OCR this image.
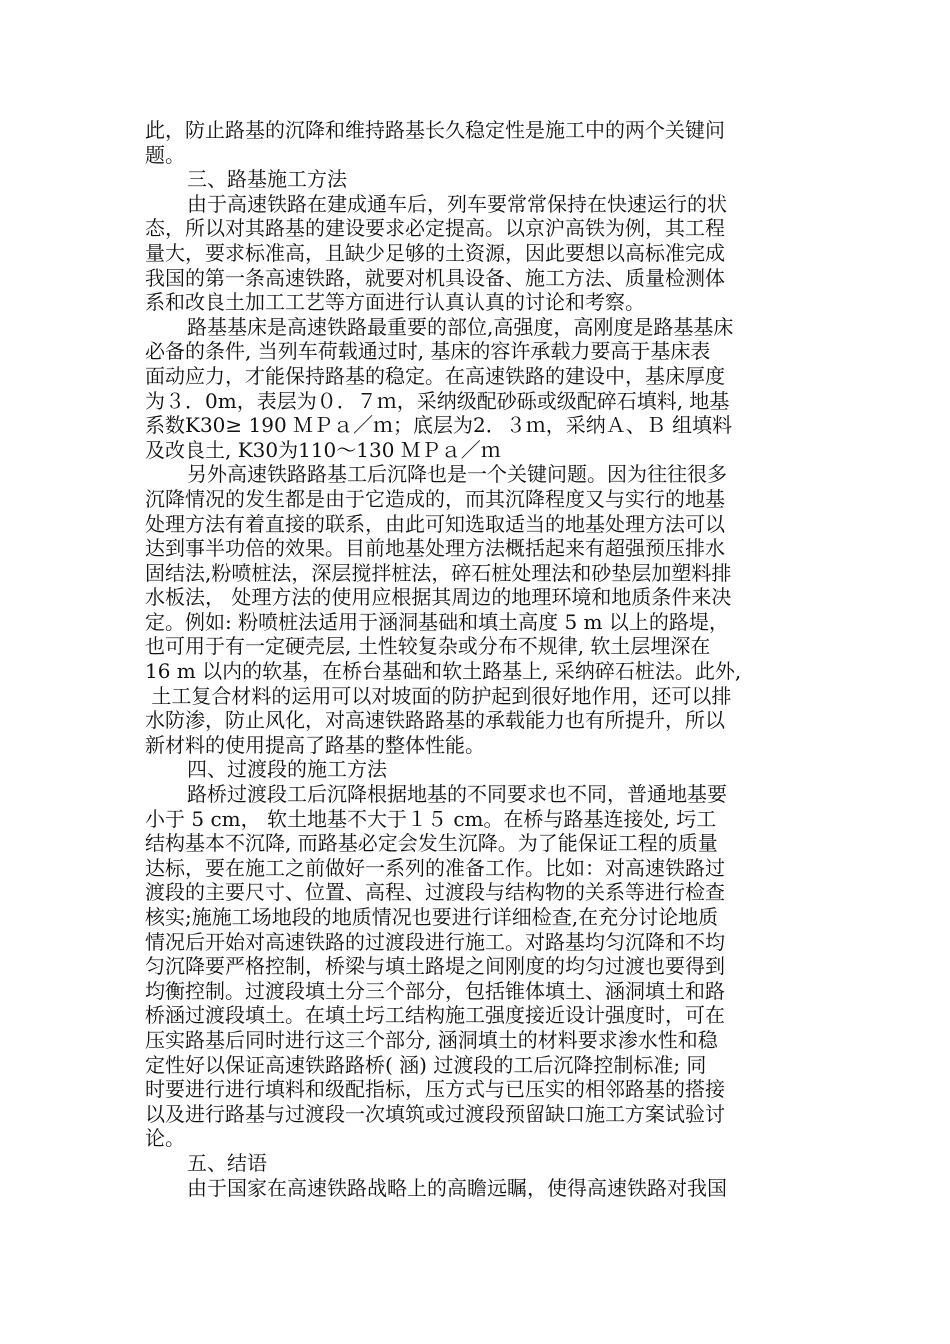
此，防止路基的沉降和维持路基长久稳定性是施工中的两个关键问
题。
三、路基施工方法
由于高速铁路在建成通车后，列车要常常保持在快速运行的状
态，所以对其路基的建设要求必定提高。以京沪高铁为例，其工程
量大，要求标准高，且缺少足够的土资源，因此要想以高标准完成
我国的第一条高速铁路，就要对机具设备、施工方法、质量检测体
系和改良土加工工艺等方面进行认真认真的讨论和考察。
路基基床是高速铁路最重要的部位,高强度，高刚度是路基基床
必备的条件, 当列车荷载通过时, 基床的容许承载力要高于基床表
面动应力，才能保持路基的稳定。在高速铁路的建设中，基床厚度
为３．0m，表层为０．７ｍ，采纳级配砂砾或级配碎石填料, 地基
系数K30≥ 190 ＭＰａ／ｍ；底层为2．３ｍ，采纳Ａ、Ｂ 组填料
及改良土, K30为110～130 ＭＰａ／ｍ
另外高速铁路路基工后沉降也是一个关键问题。因为往往很多
沉降情况的发生都是由于它造成的，而其沉降程度又与实行的地基
处理方法有着直接的联系，由此可知选取适当的地基处理方法可以
达到事半功倍的效果。目前地基处理方法概括起来有超强预压排水
固结法,粉喷桩法，深层搅拌桩法，碎石桩处理法和砂垫层加塑料排
水板法， 处理方法的使用应根据其周边的地理环境和地质条件来决
定。例如: 粉喷桩法适用于涵洞基础和填土高度 5 m 以上的路堤，
也可用于有一定硬壳层, 土性较复杂或分布不规律, 软土层埋深在
16 m 以内的软基，在桥台基础和软土路基上, 采纳碎石桩法。此外,
土工复合材料的运用可以对坡面的防护起到很好地作用，还可以排
水防渗，防止风化，对高速铁路路基的承载能力也有所提升，所以
新材料的使用提高了路基的整体性能。
四、过渡段的施工方法
路桥过渡段工后沉降根据地基的不同要求也不同，普通地基要
小于 5 cm， 软土地基不大于１５ cm。在桥与路基连接处, 圬工
结构基本不沉降, 而路基必定会发生沉降。为了能保证工程的质量
达标，要在施工之前做好一系列的准备工作。比如：对高速铁路过
渡段的主要尺寸、位置、高程、过渡段与结构物的关系等进行检查
核实;施施工场地段的地质情况也要进行详细检查,在充分讨论地质
情况后开始对高速铁路的过渡段进行施工。对路基均匀沉降和不均
匀沉降要严格控制，桥梁与填土路堤之间刚度的均匀过渡也要得到
均衡控制。过渡段填土分三个部分，包括锥体填土、涵洞填土和路
桥涵过渡段填土。在填土圬工结构施工强度接近设计强度时，可在
压实路基后同时进行这三个部分, 涵洞填土的材料要求渗水性和稳
定性好以保证高速铁路路桥( 涵) 过渡段的工后沉降控制标准; 同
时要进行进行填料和级配指标，压方式与已压实的相邻路基的搭接
以及进行路基与过渡段一次填筑或过渡段预留缺口施工方案试验讨
论。
五、结语
由于国家在高速铁路战略上的高瞻远瞩，使得高速铁路对我国
